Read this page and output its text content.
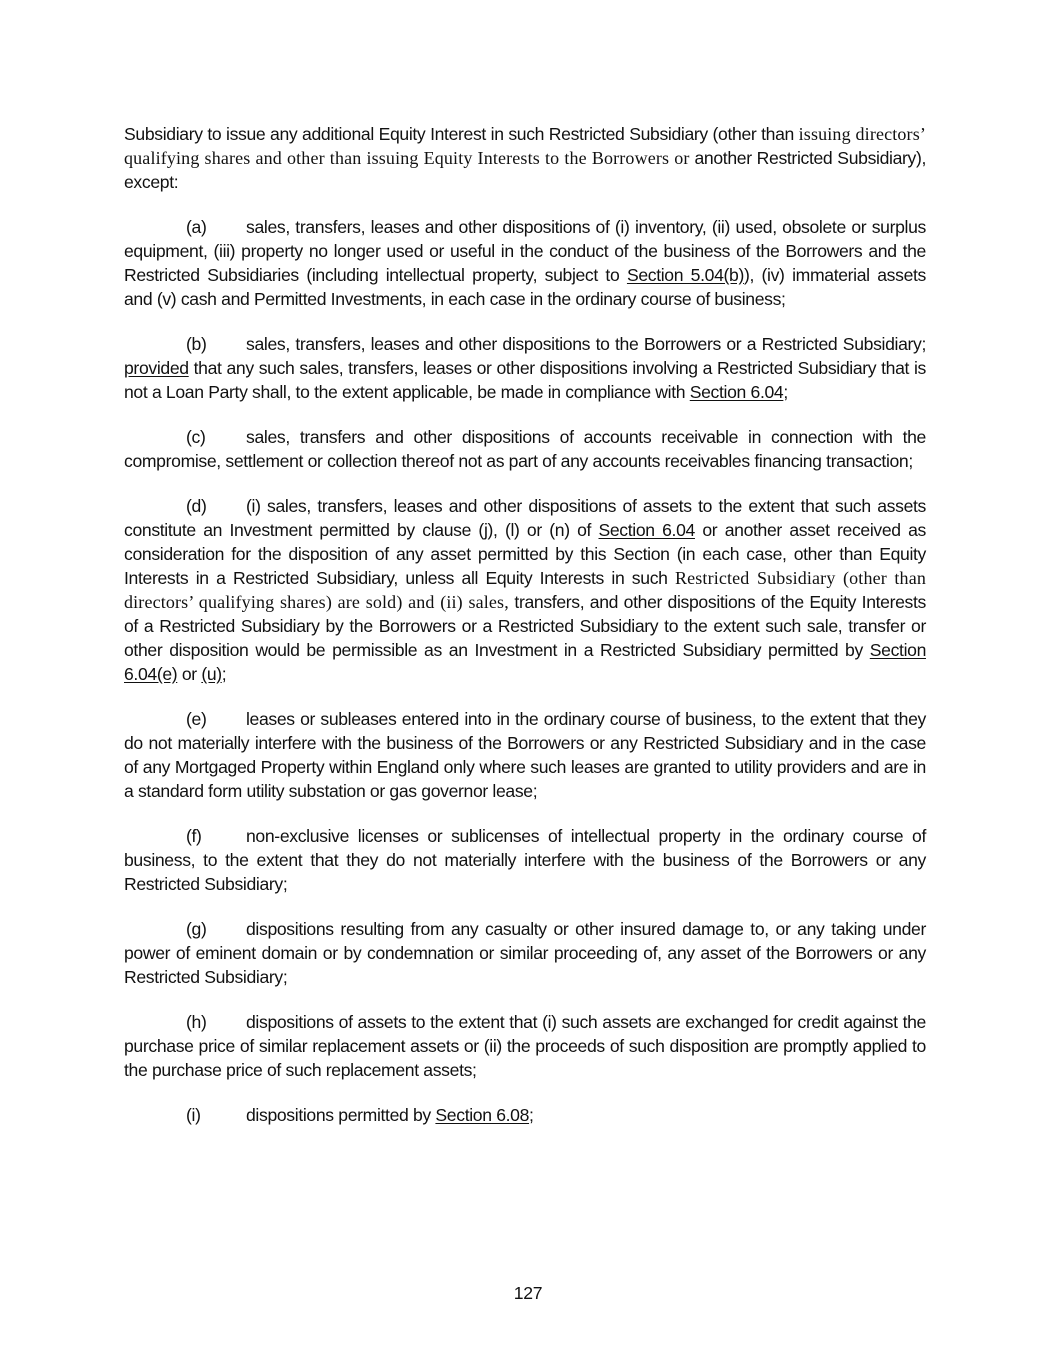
Subsidiary to issue any additional Equity Interest in such Restricted Subsidiary (other than issuing directors’ qualifying shares and other than issuing Equity Interests to the Borrowers or another Restricted Subsidiary), except:

(a) sales, transfers, leases and other dispositions of (i) inventory, (ii) used, obsolete or surplus equipment, (iii) property no longer used or useful in the conduct of the business of the Borrowers and the Restricted Subsidiaries (including intellectual property, subject to Section 5.04(b)), (iv) immaterial assets and (v) cash and Permitted Investments, in each case in the ordinary course of business;

(b) sales, transfers, leases and other dispositions to the Borrowers or a Restricted Subsidiary; provided that any such sales, transfers, leases or other dispositions involving a Restricted Subsidiary that is not a Loan Party shall, to the extent applicable, be made in compliance with Section 6.04;

(c) sales, transfers and other dispositions of accounts receivable in connection with the compromise, settlement or collection thereof not as part of any accounts receivables financing transaction;

(d) (i) sales, transfers, leases and other dispositions of assets to the extent that such assets constitute an Investment permitted by clause (j), (l) or (n) of Section 6.04 or another asset received as consideration for the disposition of any asset permitted by this Section (in each case, other than Equity Interests in a Restricted Subsidiary, unless all Equity Interests in such Restricted Subsidiary (other than directors’ qualifying shares) are sold) and (ii) sales, transfers, and other dispositions of the Equity Interests of a Restricted Subsidiary by the Borrowers or a Restricted Subsidiary to the extent such sale, transfer or other disposition would be permissible as an Investment in a Restricted Subsidiary permitted by Section 6.04(e) or (u);

(e) leases or subleases entered into in the ordinary course of business, to the extent that they do not materially interfere with the business of the Borrowers or any Restricted Subsidiary and in the case of any Mortgaged Property within England only where such leases are granted to utility providers and are in a standard form utility substation or gas governor lease;

(f)	non-exclusive licenses or sublicenses of intellectual property in the ordinary course of business, to the extent that they do not materially interfere with the business of the Borrowers or any Restricted Subsidiary;

(g) dispositions resulting from any casualty or other insured damage to, or any taking under power of eminent domain or by condemnation or similar proceeding of, any asset of the Borrowers or any Restricted Subsidiary;

(h) dispositions of assets to the extent that (i) such assets are exchanged for credit against the purchase price of similar replacement assets or (ii) the proceeds of such disposition are promptly applied to the purchase price of such replacement assets;

(i)	dispositions permitted by Section 6.08;

127
